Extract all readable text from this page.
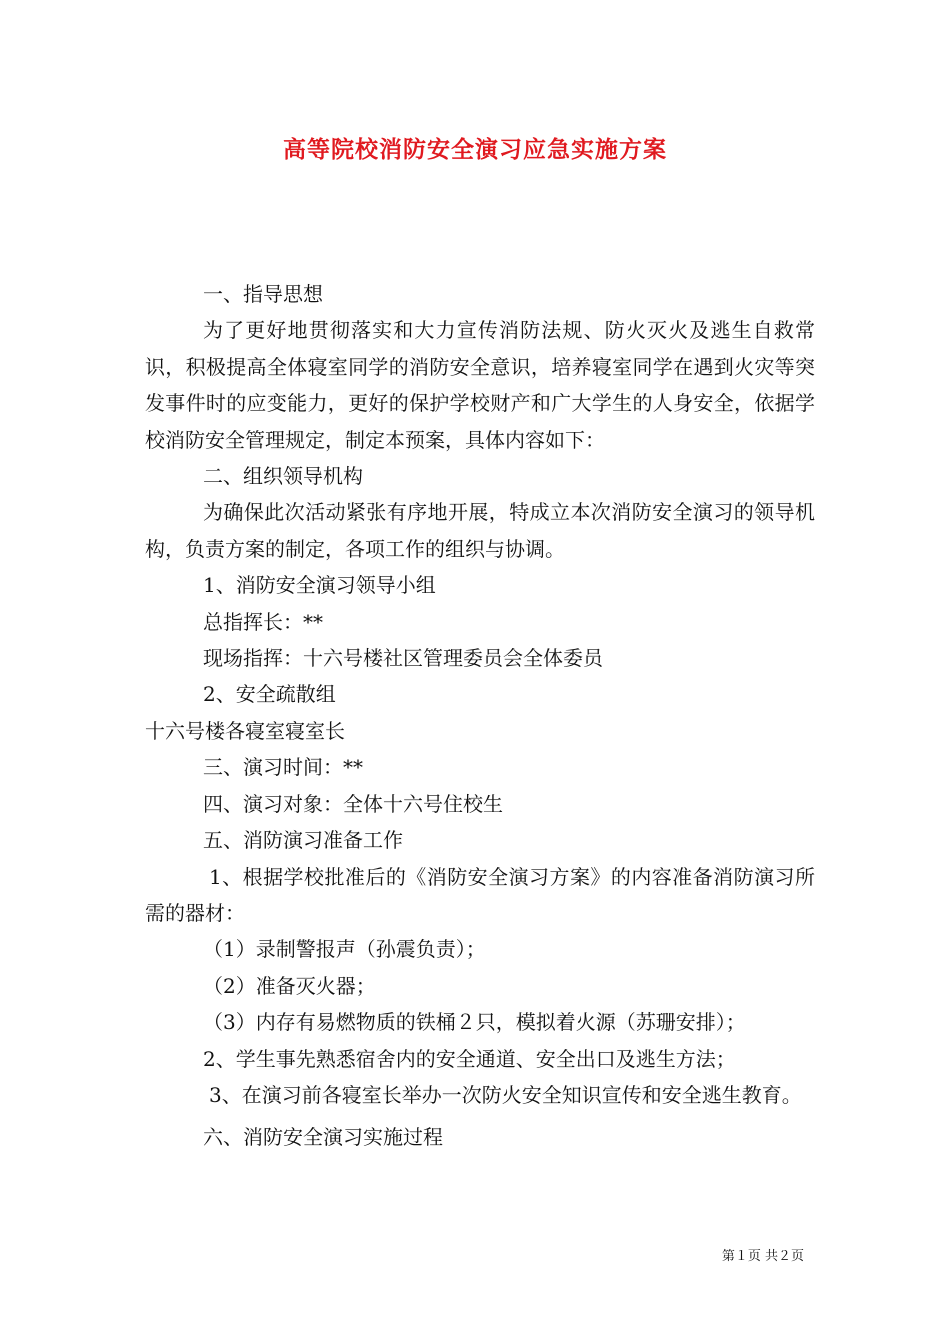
高等院校消防安全演习应急实施方案

一、指导思想

为了更好地贯彻落实和大力宣传消防法规、防火灭火及逃生自救常识，积极提高全体寝室同学的消防安全意识，培养寝室同学在遇到火灾等突发事件时的应变能力，更好的保护学校财产和广大学生的人身安全，依据学校消防安全管理规定，制定本预案，具体内容如下：

二、组织领导机构

为确保此次活动紧张有序地开展，特成立本次消防安全演习的领导机构，负责方案的制定，各项工作的组织与协调。

1、消防安全演习领导小组

总指挥长：**

现场指挥：十六号楼社区管理委员会全体委员

2、安全疏散组

十六号楼各寝室寝室长

三、演习时间：**

四、演习对象：全体十六号住校生

五、消防演习准备工作

1、根据学校批准后的《消防安全演习方案》的内容准备消防演习所需的器材：

（1）录制警报声（孙震负责）；

（2）准备灭火器；

（3）内存有易燃物质的铁桶２只，模拟着火源（苏珊安排）；

2、学生事先熟悉宿舍内的安全通道、安全出口及逃生方法；

3、在演习前各寝室长举办一次防火安全知识宣传和安全逃生教育。

六、消防安全演习实施过程

第１页 共２页
